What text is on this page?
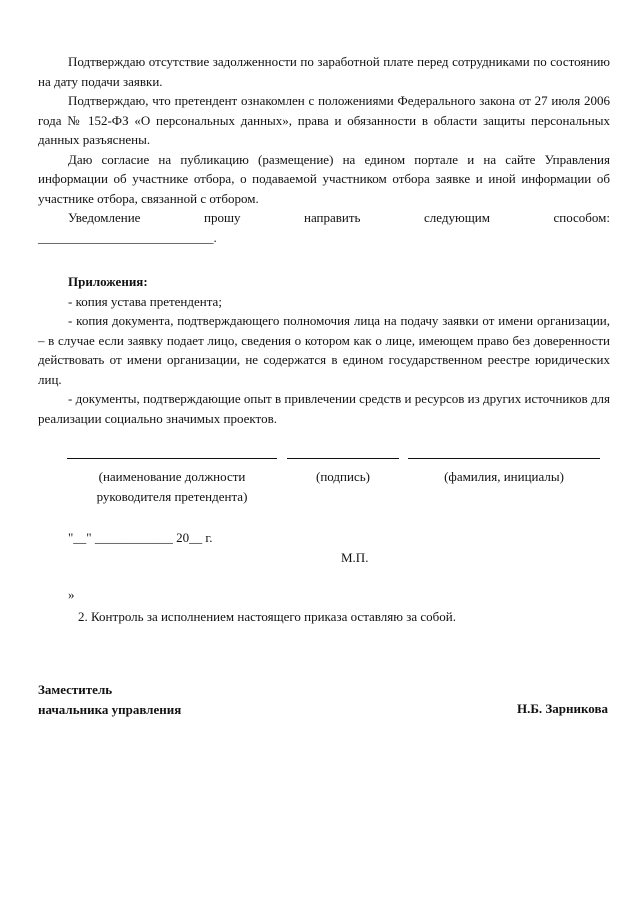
Подтверждаю отсутствие задолженности по заработной плате перед сотрудниками по состоянию на дату подачи заявки.

Подтверждаю, что претендент ознакомлен с положениями Федерального закона от 27 июля 2006 года № 152-ФЗ «О персональных данных», права и обязанности в области защиты персональных данных разъяснены.

Даю согласие на публикацию (размещение) на едином портале и на сайте Управления информации об участнике отбора, о подаваемой участником отбора заявке и иной информации об участнике отбора, связанной с отбором.

Уведомление прошу направить следующим способом:

___________________________.

Приложения:

- копия устава претендента;

- копия документа, подтверждающего полномочия лица на подачу заявки от имени организации, – в случае если заявку подает лицо, сведения о котором как о лице, имеющем право без доверенности действовать от имени организации, не содержатся в едином государственном реестре юридических лиц.

- документы, подтверждающие опыт в привлечении средств и ресурсов из других источников для реализации социально значимых проектов.

(наименование должности
руководителя претендента)
(подпись)	(фамилия, инициалы)
"__" ____________ 20__ г.
М.П.
»
2. Контроль за исполнением настоящего приказа оставляю за собой.
Заместитель
начальника управления	Н.Б. Зарникова
